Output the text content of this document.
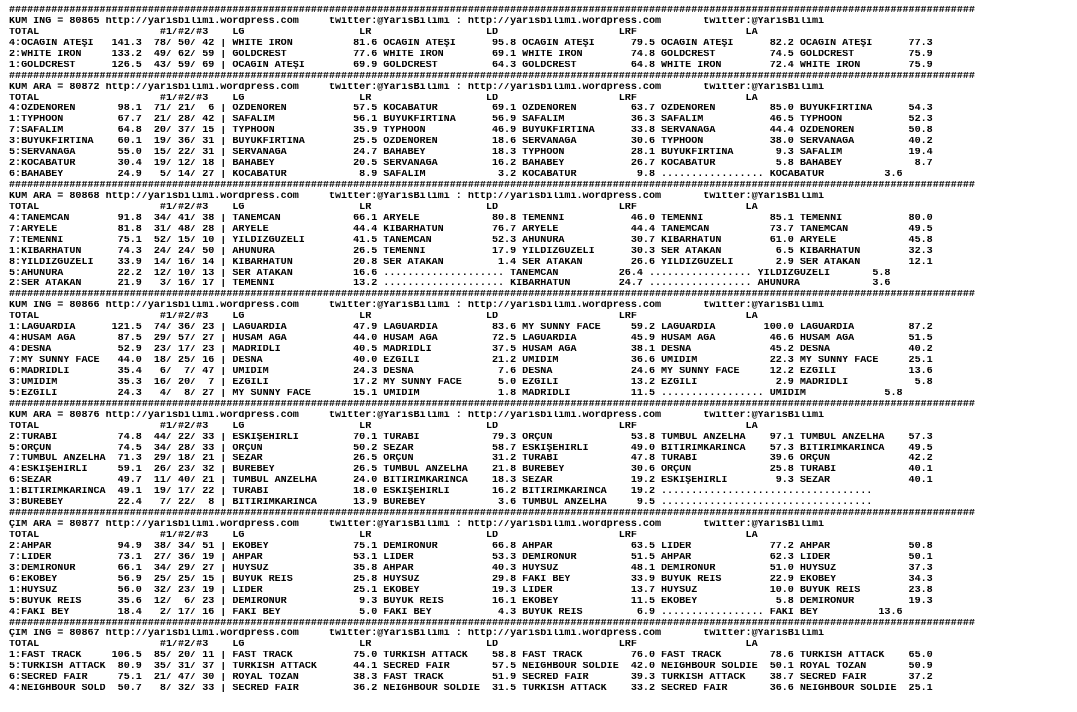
################################################################################################################################################################
KUM İNG = 80865 http://yarisbilimi.wordpress.com     twitter:@YarisBilimi : http://yarisbilimi.wordpress.com       twitter:@YarisBilimi
TOTAL                    #1/#2/#3    LG                   LR                   LD                    LRF                  LA
4:OCAĞIN ATEŞİ   141.3  78/ 50/ 42 | WHITE IRON          81.6 OCAĞIN ATEŞİ      95.8 OCAĞIN ATEŞİ      79.5 OCAĞIN ATEŞİ      82.2 OCAĞIN ATEŞİ      77.3
2:WHITE IRON     133.2  49/ 62/ 59 | GOLDCREST           77.6 WHITE IRON        69.1 WHITE IRON        74.8 GOLDCREST         74.5 GOLDCREST         75.9
1:GOLDCREST      126.5  43/ 59/ 69 | OCAĞIN ATEŞİ        69.9 GOLDCREST         64.3 GOLDCREST         64.8 WHITE IRON        72.4 WHITE IRON        75.9
################################################################################################################################################################
KUM ARA = 80872 http://yarisbilimi.wordpress.com     twitter:@YarisBilimi : http://yarisbilimi.wordpress.com       twitter:@YarisBilimi
TOTAL                    #1/#2/#3    LG                   LR                   LD                    LRF                  LA
4:ÖZDENÖREN       98.1  71/ 21/  6 | ÖZDENÖREN           57.5 KOCABATUR         69.1 ÖZDENÖREN         63.7 ÖZDENÖREN         85.0 BÜYÜKFIRTINA      54.3
1:TYPHOON         67.7  21/ 28/ 42 | SAFALIM             56.1 BÜYÜKFIRTINA      56.9 SAFALIM           36.3 SAFALIM           46.5 TYPHOON           52.3
7:SAFALIM         64.8  20/ 37/ 15 | TYPHOON             35.9 TYPHOON           46.9 BÜYÜKFIRTINA      33.8 SERVANAĞA         44.4 ÖZDENÖREN         50.8
3:BÜYÜKFIRTINA    60.1  19/ 36/ 31 | BÜYÜKFIRTINA        25.5 ÖZDENÖREN         18.6 SERVANAĞA         30.6 TYPHOON           38.0 SERVANAĞA         40.2
5:SERVANAĞA       55.0  15/ 22/ 31 | SERVANAĞA           24.7 BAHABEY           18.3 TYPHOON           28.1 BÜYÜKFIRTINA       9.3 SAFALIM           19.4
2:KOCABATUR       30.4  19/ 12/ 18 | BAHABEY             20.5 SERVANAĞA         16.2 BAHABEY           26.7 KOCABATUR          5.8 BAHABEY            8.7
6:BAHABEY         24.9   5/ 14/ 27 | KOCABATUR            8.9 SAFALIM            3.2 KOCABATUR          9.8 ................. KOCABATUR          3.6
################################################################################################################################################################
KUM ARA = 80868 http://yarisbilimi.wordpress.com     twitter:@YarisBilimi : http://yarisbilimi.wordpress.com       twitter:@YarisBilimi
TOTAL                    #1/#2/#3    LG                   LR                   LD                    LRF                  LA
4:TANEMCAN        91.8  34/ 41/ 38 | TANEMCAN            66.1 ARYELE            80.8 TEMENNİ           46.0 TEMENNİ           85.1 TEMENNİ           80.0
7:ARYELE          81.8  31/ 48/ 28 | ARYELE              44.4 KİBARHATUN        76.7 ARYELE            44.4 TANEMCAN          73.7 TANEMCAN          49.5
7:TEMENNİ         75.1  52/ 15/ 10 | YILDIZGÜZELİ        41.5 TANEMCAN          52.3 AHUNURA           30.7 KİBARHATUN        61.0 ARYELE            45.8
1:KİBARHATUN      74.3  24/ 24/ 50 | AHUNURA             26.5 TEMENNİ           17.9 YILDIZGÜZELİ      30.3 SER ATAKAN         6.5 KİBARHATUN        32.3
8:YILDIZGÜZELİ    33.9  14/ 16/ 14 | KİBARHATUN          20.8 SER ATAKAN         1.4 SER ATAKAN        26.6 YILDIZGÜZELİ       2.9 SER ATAKAN        12.1
5:AHUNURA         22.2  12/ 10/ 13 | SER ATAKAN          16.6 .................... TANEMCAN          26.4 ................. YILDIZGÜZELİ       5.8
2:SER ATAKAN      21.9   3/ 16/ 17 | TEMENNİ             13.2 .................... KİBARHATUN        24.7 ................. AHUNURA            3.6
################################################################################################################################################################
KUM İNG = 80866 http://yarisbilimi.wordpress.com     twitter:@YarisBilimi : http://yarisbilimi.wordpress.com       twitter:@YarisBilimi
TOTAL                    #1/#2/#3    LG                   LR                   LD                    LRF                  LA
1:LAGUARDİA      121.5  74/ 36/ 23 | LAGUARDİA           47.9 LAGUARDİA         83.6 MY SUNNY FACE     59.2 LAGUARDİA        100.0 LAGUARDİA         87.2
4:HÜSAM AĞA       87.5  29/ 57/ 27 | HÜSAM AĞA           44.0 HÜSAM AĞA         72.5 LAGUARDİA         45.9 HÜSAM AĞA         46.6 HÜSAM AĞA         51.5
4:DESNA           52.9  23/ 17/ 23 | MADRİDLİ            40.5 MADRİDLİ          37.5 HÜSAM AĞA         38.1 DESNA             45.2 DESNA             40.2
7:MY SUNNY FACE   44.0  18/ 25/ 16 | DESNA               40.0 EZGİLİ            21.2 ÜMİDİM            36.6 ÜMİDİM            22.3 MY SUNNY FACE     25.1
6:MADRİDLİ        35.4   6/  7/ 47 | ÜMİDİM              24.3 DESNA              7.6 DESNA             24.6 MY SUNNY FACE     12.2 EZGİLİ            13.6
3:ÜMİDİM          35.3  16/ 20/  7 | EZGİLİ              17.2 MY SUNNY FACE      5.0 EZGİLİ            13.2 EZGİLİ             2.9 MADRİDLİ           5.8
5:EZGİLİ          24.3   4/  8/ 27 | MY SUNNY FACE       15.1 ÜMİDİM             1.8 MADRİDLİ          11.5 ................. ÜMİDİM             5.8
################################################################################################################################################################
KUM ARA = 80876 http://yarisbilimi.wordpress.com     twitter:@YarisBilimi : http://yarisbilimi.wordpress.com       twitter:@YarisBilimi
TOTAL                    #1/#2/#3    LG                   LR                   LD                    LRF                  LA
2:TURABİ          74.8  44/ 22/ 33 | ESKİŞEHİRLİ         70.1 TURABİ            79.3 ORÇUN             53.8 TUMBUL ANZELHA    97.1 TUMBUL ANZELHA    57.3
5:ORÇUN           74.5  34/ 28/ 33 | ORÇUN               50.2 SEZAR             58.7 ESKİŞEHİRLİ       49.0 BİTİRİMKARINCA    57.3 BİTİRİMKARINCA    49.5
7:TUMBUL ANZELHA  71.3  29/ 18/ 21 | SEZAR               26.5 ORÇUN             31.2 TURABİ            47.8 TURABİ            39.6 ORÇUN             42.2
4:ESKİŞEHİRLİ     59.1  26/ 23/ 32 | BÜREBEY             26.5 TUMBUL ANZELHA    21.8 BÜREBEY           30.6 ORÇUN             25.8 TURABİ            40.1
6:SEZAR           49.7  11/ 40/ 21 | TUMBUL ANZELHA      24.0 BİTİRİMKARINCA    18.3 SEZAR             19.2 ESKİŞEHİRLİ        9.3 SEZAR             40.1
1:BİTİRİMKARINCA  49.1  19/ 17/ 22 | TURABİ              18.0 ESKİŞEHİRLİ       16.2 BİTİRİMKARINCA    19.2 ...................................
3:BÜREBEY         22.4   7/ 22/  8 | BİTİRİMKARINCA      13.9 BÜREBEY            3.6 TUMBUL ANZELHA     9.5 ...................................
################################################################################################################################################################
ÇİM ARA = 80877 http://yarisbilimi.wordpress.com     twitter:@YarisBilimi : http://yarisbilimi.wordpress.com       twitter:@YarisBilimi
TOTAL                    #1/#2/#3    LG                   LR                   LD                    LRF                  LA
2:AHPAR           94.9  38/ 34/ 51 | EKOBEY              75.1 DEMİRONUR         66.8 AHPAR             63.5 LİDER             77.2 AHPAR             50.8
7:LİDER           73.1  27/ 36/ 19 | AHPAR               53.1 LİDER             53.3 DEMİRONUR         51.5 AHPAR             62.3 LİDER             50.1
3:DEMİRONUR       66.1  34/ 29/ 27 | HUYSUZ              35.8 AHPAR             40.3 HUYSUZ            48.1 DEMİRONUR         51.0 HUYSUZ            37.3
6:EKOBEY          56.9  25/ 25/ 15 | BÜYÜK REİS          25.8 HUYSUZ            29.8 FAKİ BEY          33.9 BÜYÜK REİS        22.9 EKOBEY            34.3
1:HUYSUZ          56.0  32/ 23/ 19 | LİDER               25.1 EKOBEY            19.3 LİDER             13.7 HUYSUZ            10.0 BÜYÜK REİS        23.8
5:BÜYÜK REİS      35.6  12/  6/ 23 | DEMİRONUR            9.3 BÜYÜK REİS        16.1 EKOBEY            11.5 EKOBEY             5.8 DEMİRONUR         19.3
4:FAKİ BEY        18.4   2/ 17/ 16 | FAKİ BEY             5.0 FAKİ BEY           4.3 BÜYÜK REİS         6.9 ................. FAKİ BEY          13.6
################################################################################################################################################################
ÇİM İNG = 80867 http://yarisbilimi.wordpress.com     twitter:@YarisBilimi : http://yarisbilimi.wordpress.com       twitter:@YarisBilimi
TOTAL                    #1/#2/#3    LG                   LR                   LD                    LRF                  LA
1:FAST TRACK     106.5  85/ 20/ 11 | FAST TRACK          75.0 TURKISH ATTACK    58.8 FAST TRACK        76.0 FAST TRACK        78.6 TURKISH ATTACK    65.0
5:TURKISH ATTACK  80.9  35/ 31/ 37 | TURKISH ATTACK      44.1 SECRED FAİR       57.5 NEIGHBOUR SOLDIE  42.0 NEIGHBOUR SOLDIE  50.1 ROYAL TOZAN       50.9
6:SECRED FAİR     75.1  21/ 47/ 30 | ROYAL TOZAN         38.3 FAST TRACK        51.9 SECRED FAİR       39.3 TURKISH ATTACK    38.7 SECRED FAİR       37.2
4:NEIGHBOUR SOLD  50.7   8/ 32/ 33 | SECRED FAİR         36.2 NEIGHBOUR SOLDIE  31.5 TURKISH ATTACK    33.2 SECRED FAİR       36.6 NEIGHBOUR SOLDIE  25.1
